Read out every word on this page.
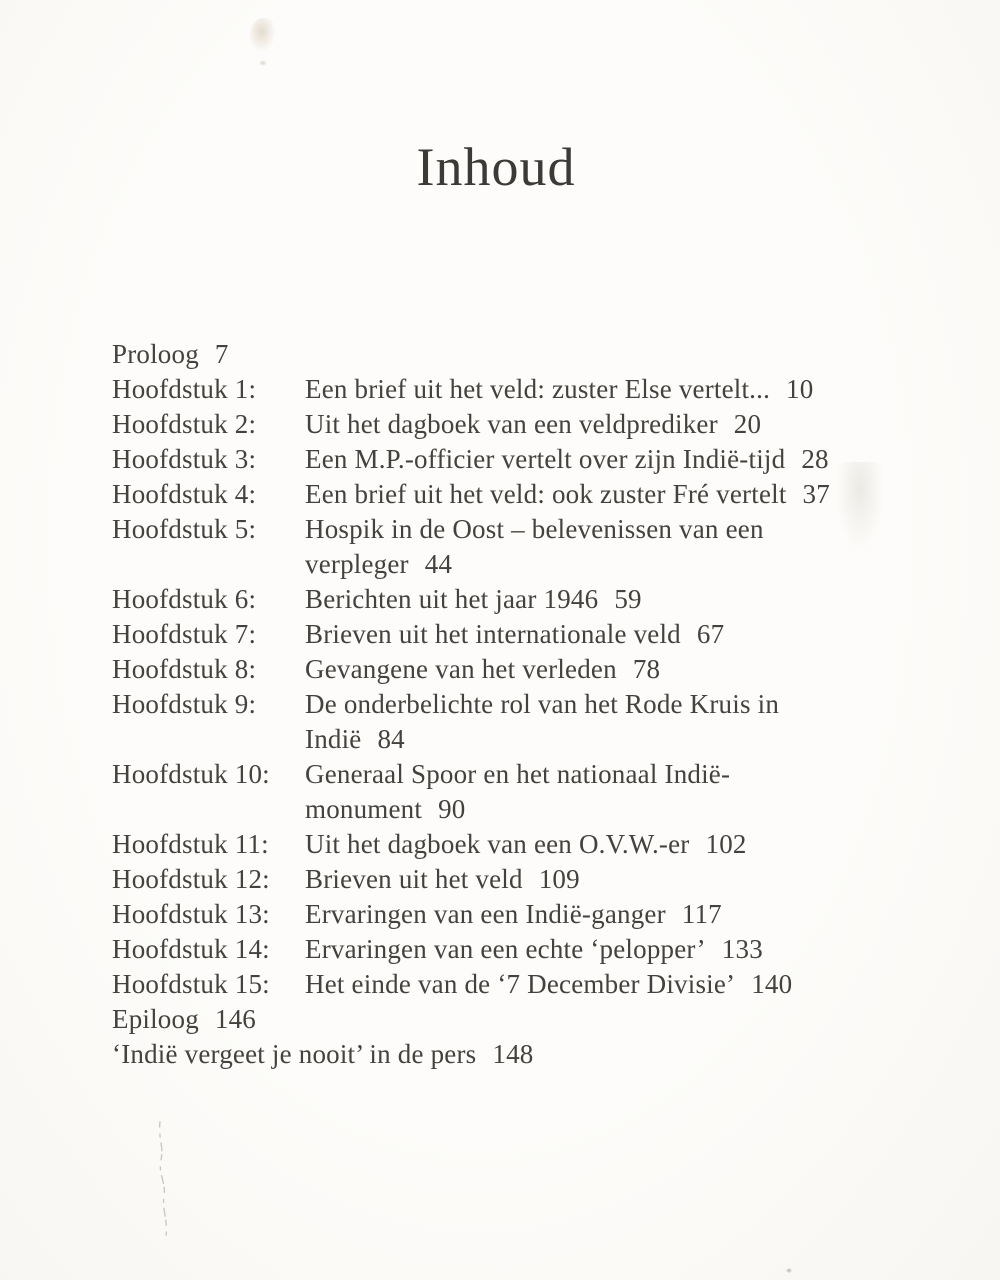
Inhoud
Proloog 7
Hoofdstuk 1:	Een brief uit het veld: zuster Else vertelt... 10
Hoofdstuk 2:	Uit het dagboek van een veldprediker 20
Hoofdstuk 3:	Een M.P.-officier vertelt over zijn Indië-tijd 28
Hoofdstuk 4:	Een brief uit het veld: ook zuster Fré vertelt 37
Hoofdstuk 5:	Hospik in de Oost – belevenissen van een
verpleger 44
Hoofdstuk 6:	Berichten uit het jaar 1946 59
Hoofdstuk 7:	Brieven uit het internationale veld 67
Hoofdstuk 8:	Gevangene van het verleden 78
Hoofdstuk 9:	De onderbelichte rol van het Rode Kruis in
Indië 84
Hoofdstuk 10:	Generaal Spoor en het nationaal Indië-
monument 90
Hoofdstuk 11:	Uit het dagboek van een O.V.W.-er 102
Hoofdstuk 12:	Brieven uit het veld 109
Hoofdstuk 13:	Ervaringen van een Indië-ganger 117
Hoofdstuk 14:	Ervaringen van een echte ‘pelopper’ 133
Hoofdstuk 15:	Het einde van de ‘7 December Divisie’ 140
Epiloog 146
‘Indië vergeet je nooit’ in de pers 148
